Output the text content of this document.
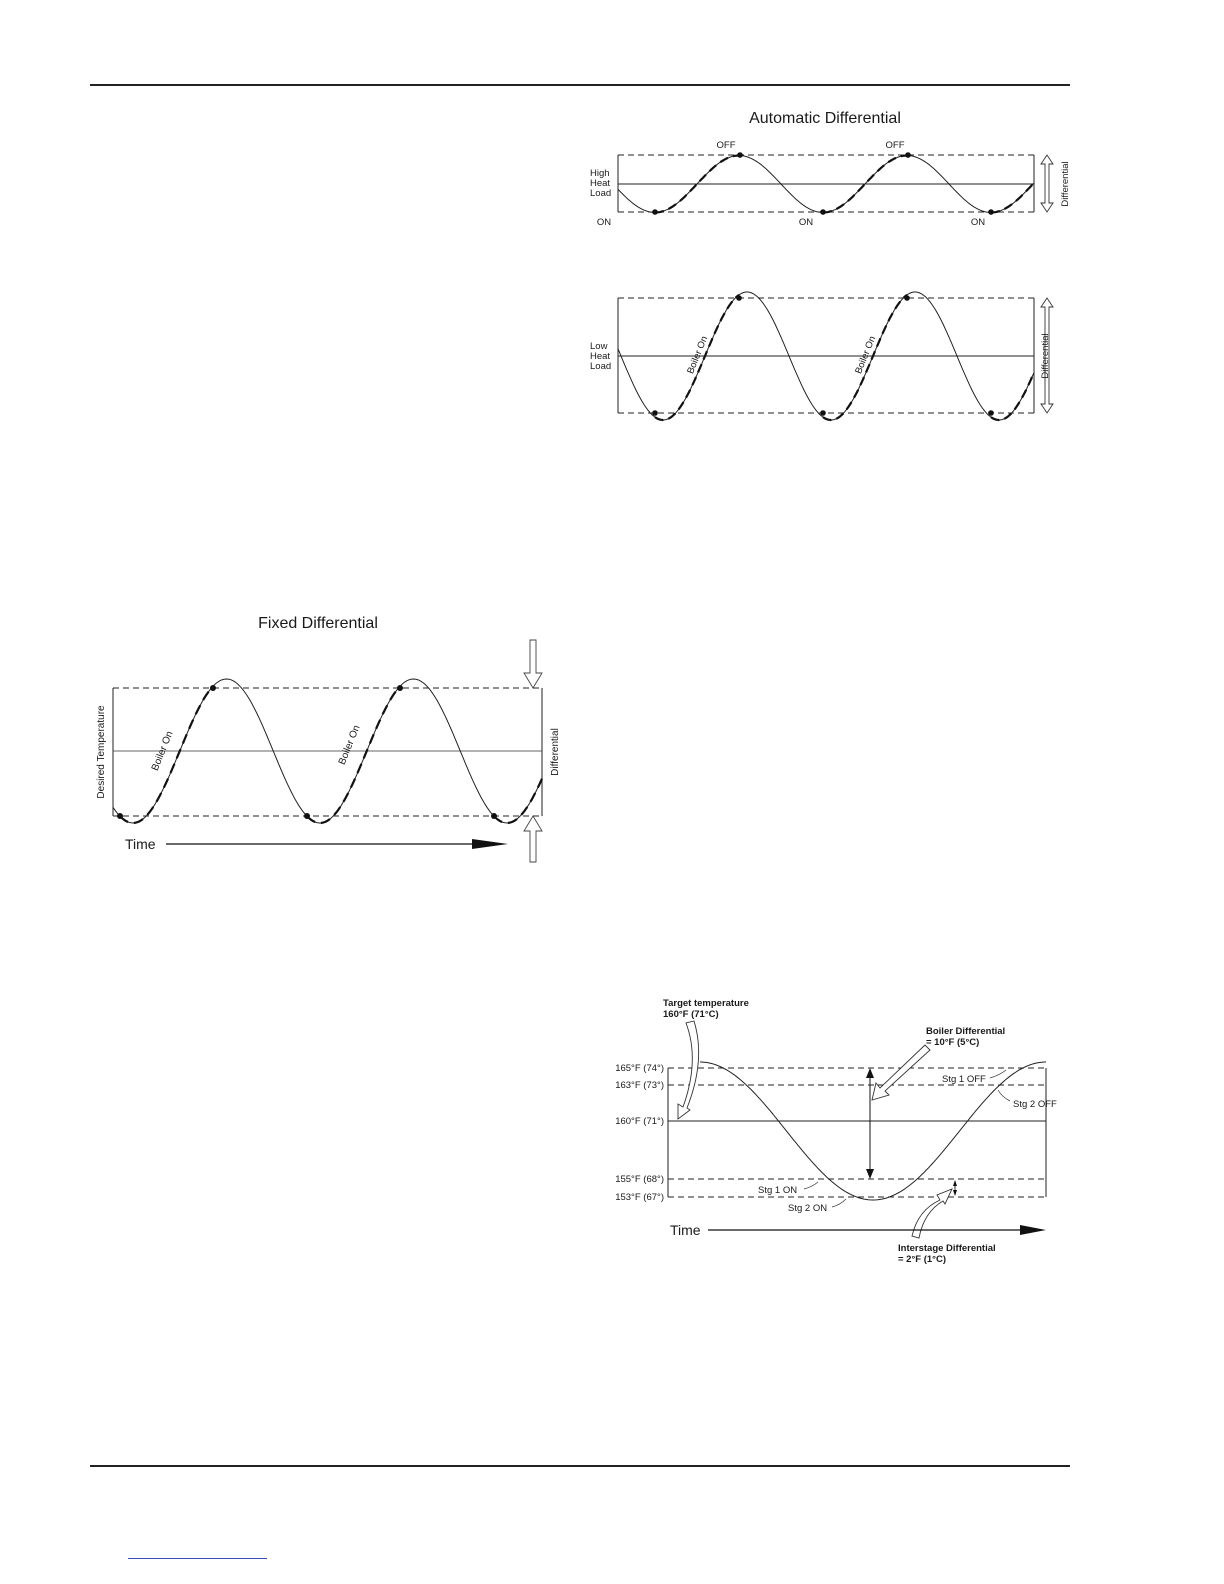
Automatic Differential
High
Heat
Load
OFF	OFF
ON	ON	ON
Differential
Low
Heat
Load	Boiler On	Boiler On	Differential
Fixed Differential
Desired Temperature	Differential
Boiler On	Boiler On
Time
165°F (74°)
163°F (73°)
160°F (71°)
155°F (68°)
153°F (67°)
Target temperature
160°F (71°C)
Boiler Differential
= 10°F (5°C)
Interstage Differential
= 2°F (1°C)
Stg 1 OFF
Stg 2 OFF
Stg 1 ON
Stg 2 ON
Time
